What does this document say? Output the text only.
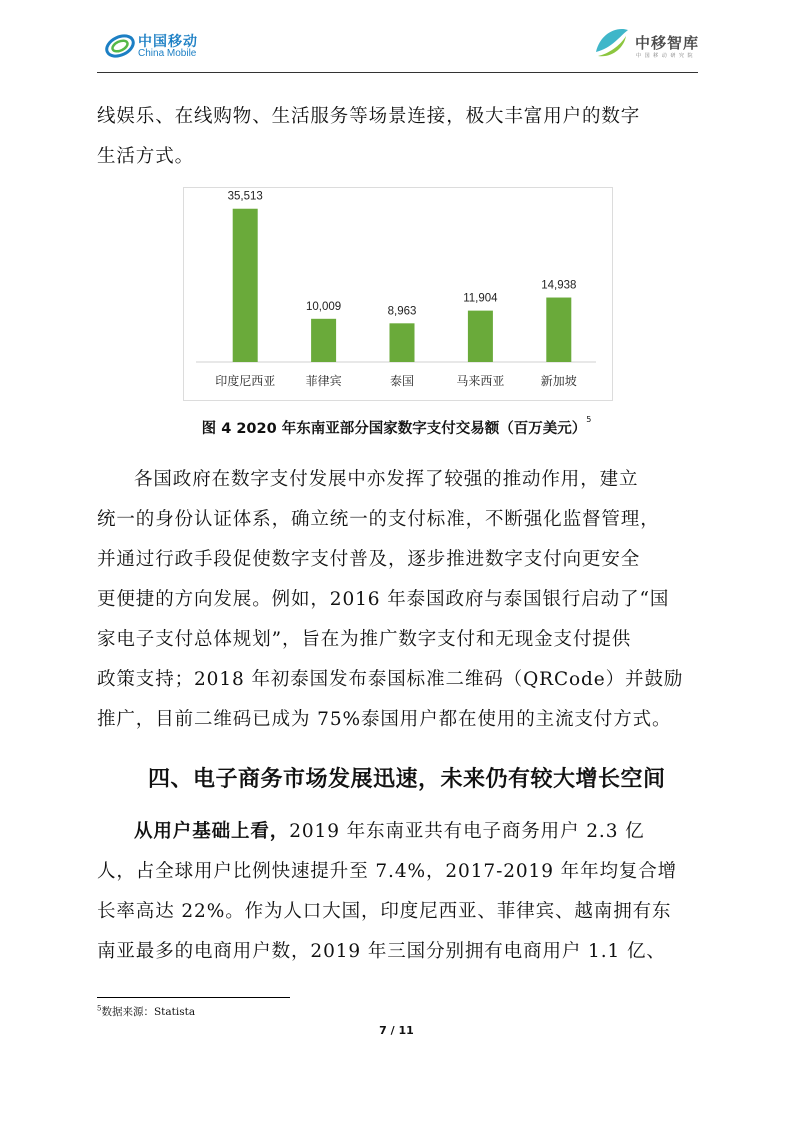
中国移动
China Mobile
中移智库
中 国 移 动 研 究 院

线娱乐、在线购物、生活服务等场景连接，极大丰富用户的数字

生活方式。

35,513
印度尼西亚
10,009
菲律宾
8,963
泰国
11,904
马来西亚
14,938
新加坡
图 4 2020 年东南亚部分国家数字支付交易额（百万美元）$^5$

各国政府在数字支付发展中亦发挥了较强的推动作用，建立

统一的身份认证体系，确立统一的支付标准，不断强化监督管理，

并通过行政手段促使数字支付普及，逐步推进数字支付向更安全

更便捷的方向发展。例如，2016 年泰国政府与泰国银行启动了“国

家电子支付总体规划”，旨在为推广数字支付和无现金支付提供

政策支持；2018 年初泰国发布泰国标准二维码（QRCode）并鼓励

推广，目前二维码已成为 75%泰国用户都在使用的主流支付方式。

四、电子商务市场发展迅速，未来仍有较大增长空间

从用户基础上看，2019 年东南亚共有电子商务用户 2.3 亿

人，占全球用户比例快速提升至 7.4%，2017-2019 年年均复合增

长率高达 22%。作为人口大国，印度尼西亚、菲律宾、越南拥有东

南亚最多的电商用户数，2019 年三国分别拥有电商用户 1.1 亿、

$^5$数据来源：Statista
7 / 11
